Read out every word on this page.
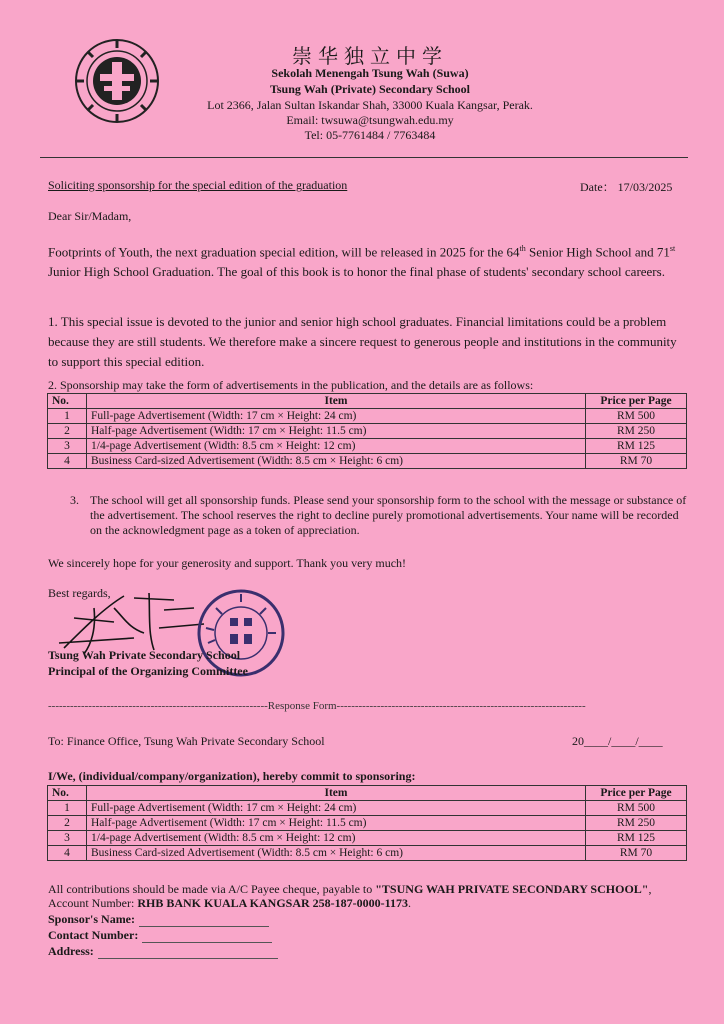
崇华独立中学
Sekolah Menengah Tsung Wah (Suwa)
Tsung Wah (Private) Secondary School
Lot 2366, Jalan Sultan Iskandar Shah, 33000 Kuala Kangsar, Perak.
Email: twsuwa@tsungwah.edu.my
Tel: 05-7761484 / 7763484
Soliciting sponsorship for the special edition of the graduation	Date： 17/03/2025
Dear Sir/Madam,
Footprints of Youth, the next graduation special edition, will be released in 2025 for the 64th Senior High School and 71st Junior High School Graduation. The goal of this book is to honor the final phase of students' secondary school careers.
1. This special issue is devoted to the junior and senior high school graduates. Financial limitations could be a problem because they are still students. We therefore make a sincere request to generous people and institutions in the community to support this special edition.
2. Sponsorship may take the form of advertisements in the publication, and the details are as follows:
No.	Item	Price per Page
1	Full-page Advertisement (Width: 17 cm × Height: 24 cm)	RM 500
2	Half-page Advertisement (Width: 17 cm × Height: 11.5 cm)	RM 250
3	1/4-page Advertisement (Width: 8.5 cm × Height: 12 cm)	RM 125
4	Business Card-sized Advertisement (Width: 8.5 cm × Height: 6 cm)	RM 70
3. The school will get all sponsorship funds. Please send your sponsorship form to the school with the message or substance of the advertisement. The school reserves the right to decline purely promotional advertisements. Your name will be recorded on the acknowledgment page as a token of appreciation.
We sincerely hope for your generosity and support. Thank you very much!
Best regards,
Tsung Wah Private Secondary School
Principal of the Organizing Committee
------------------------------------------------------------Response Form--------------------------------------------------------------------
To: Finance Office, Tsung Wah Private Secondary School	20____/____/____
I/We, (individual/company/organization), hereby commit to sponsoring:
No.	Item	Price per Page
1	Full-page Advertisement (Width: 17 cm × Height: 24 cm)	RM 500
2	Half-page Advertisement (Width: 17 cm × Height: 11.5 cm)	RM 250
3	1/4-page Advertisement (Width: 8.5 cm × Height: 12 cm)	RM 125
4	Business Card-sized Advertisement (Width: 8.5 cm × Height: 6 cm)	RM 70
All contributions should be made via A/C Payee cheque, payable to "TSUNG WAH PRIVATE SECONDARY SCHOOL", Account Number: RHB BANK KUALA KANGSAR 258-187-0000-1173.
Sponsor's Name:
Contact Number:
Address:
